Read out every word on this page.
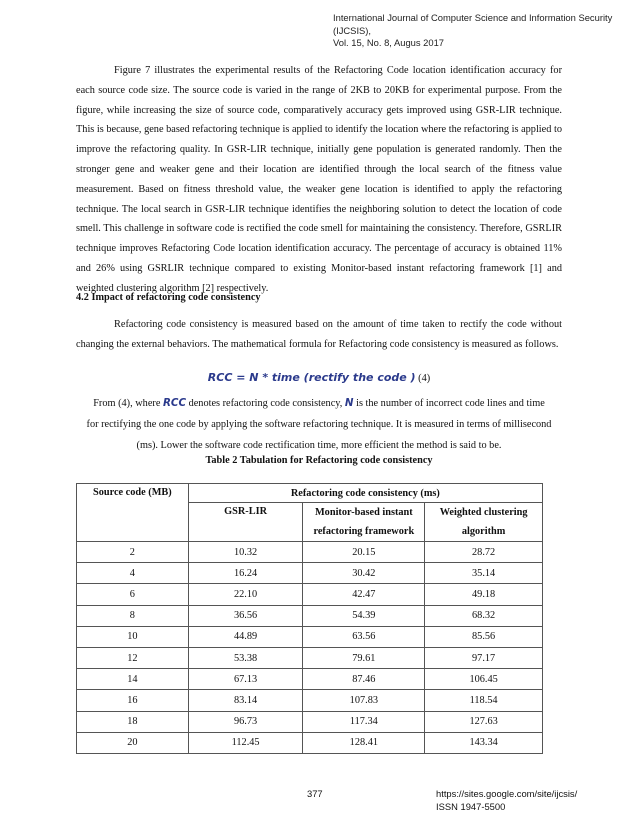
International Journal of Computer Science and Information Security (IJCSIS),
Vol. 15, No. 8, Augus 2017

Figure 7 illustrates the experimental results of the Refactoring Code location identification accuracy for each source code size. The source code is varied in the range of 2KB to 20KB for experimental purpose. From the figure, while increasing the size of source code, comparatively accuracy gets improved using GSR-LIR technique. This is because, gene based refactoring technique is applied to identify the location where the refactoring is applied to improve the refactoring quality. In GSR-LIR technique, initially gene population is generated randomly. Then the stronger gene and weaker gene and their location are identified through the local search of the fitness value measurement. Based on fitness threshold value, the weaker gene location is identified to apply the refactoring technique. The local search in GSR-LIR technique identifies the neighboring solution to detect the location of code smell. This challenge in software code is rectified the code smell for maintaining the consistency. Therefore, GSRLIR technique improves Refactoring Code location identification accuracy. The percentage of accuracy is obtained 11% and 26% using GSRLIR technique compared to existing Monitor-based instant refactoring framework [1] and weighted clustering algorithm [2] respectively.

4.2 Impact of refactoring code consistency

Refactoring code consistency is measured based on the amount of time taken to rectify the code without changing the external behaviors. The mathematical formula for Refactoring code consistency is measured as follows.

RCC = N * time (rectify the code ) (4)

From (4), where RCC denotes refactoring code consistency, N is the number of incorrect code lines and time for rectifying the one code by applying the software refactoring technique. It is measured in terms of millisecond (ms). Lower the software code rectification time, more efficient the method is said to be.

Table 2 Tabulation for Refactoring code consistency

Source code (MB)	Refactoring code consistency (ms)		
	GSR-LIR	Monitor-based instant refactoring framework	Weighted clustering algorithm
2	10.32	20.15	28.72
4	16.24	30.42	35.14
6	22.10	42.47	49.18
8	36.56	54.39	68.32
10	44.89	63.56	85.56
12	53.38	79.61	97.17
14	67.13	87.46	106.45
16	83.14	107.83	118.54
18	96.73	117.34	127.63
20	112.45	128.41	143.34
377	https://sites.google.com/site/ijcsis/
ISSN 1947-5500
